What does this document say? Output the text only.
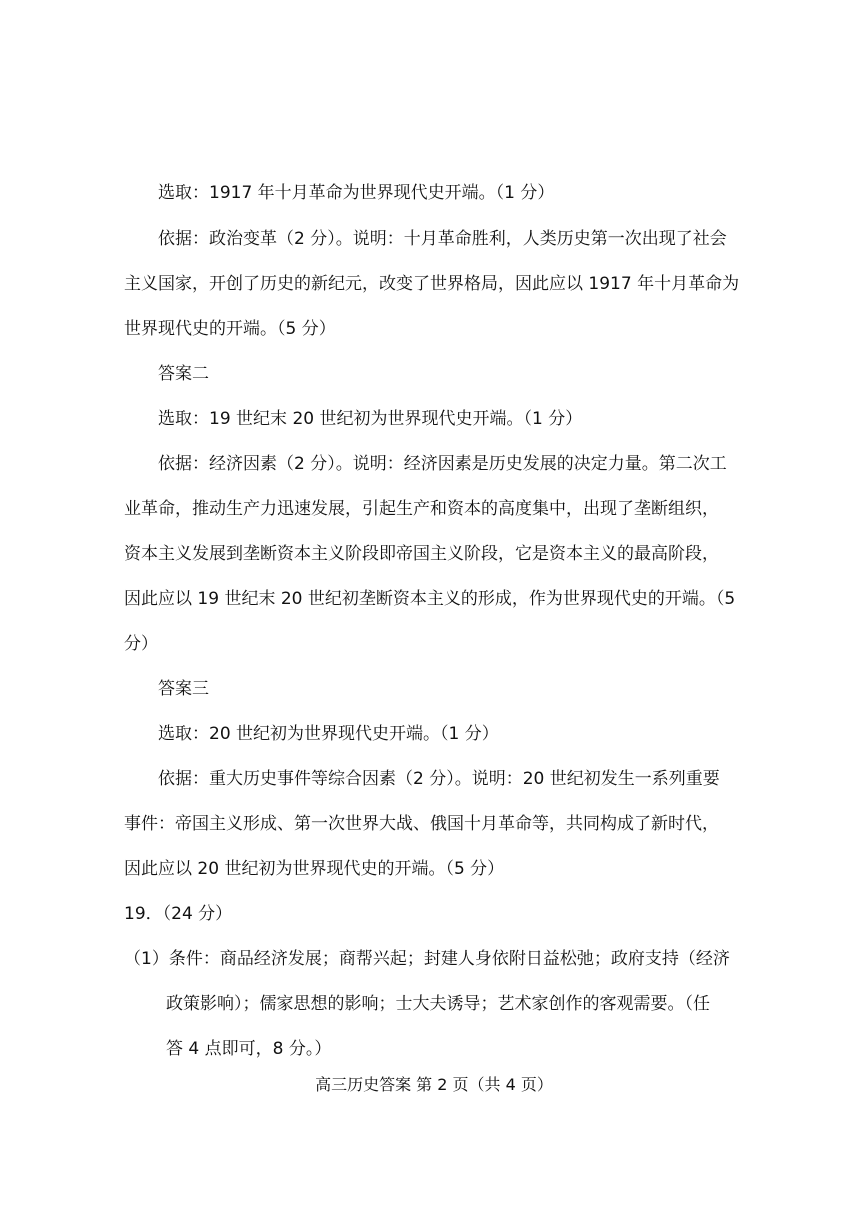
选取：1917 年十月革命为世界现代史开端。（1 分）
依据：政治变革（2 分）。说明：十月革命胜利，人类历史第一次出现了社会
主义国家，开创了历史的新纪元，改变了世界格局，因此应以 1917 年十月革命为
世界现代史的开端。（5 分）
答案二
选取：19 世纪末 20 世纪初为世界现代史开端。（1 分）
依据：经济因素（2 分）。说明：经济因素是历史发展的决定力量。第二次工
业革命，推动生产力迅速发展，引起生产和资本的高度集中，出现了垄断组织，
资本主义发展到垄断资本主义阶段即帝国主义阶段，它是资本主义的最高阶段，
因此应以 19 世纪末 20 世纪初垄断资本主义的形成，作为世界现代史的开端。（5
分）
答案三
选取：20 世纪初为世界现代史开端。（1 分）
依据：重大历史事件等综合因素（2 分）。说明：20 世纪初发生一系列重要
事件：帝国主义形成、第一次世界大战、俄国十月革命等，共同构成了新时代，
因此应以 20 世纪初为世界现代史的开端。（5 分）
19．（24 分）
（1）条件：商品经济发展；商帮兴起；封建人身依附日益松弛；政府支持（经济
政策影响）；儒家思想的影响；士大夫诱导；艺术家创作的客观需要。（任
答 4 点即可，8 分。）
高三历史答案 第 2 页（共 4 页）
